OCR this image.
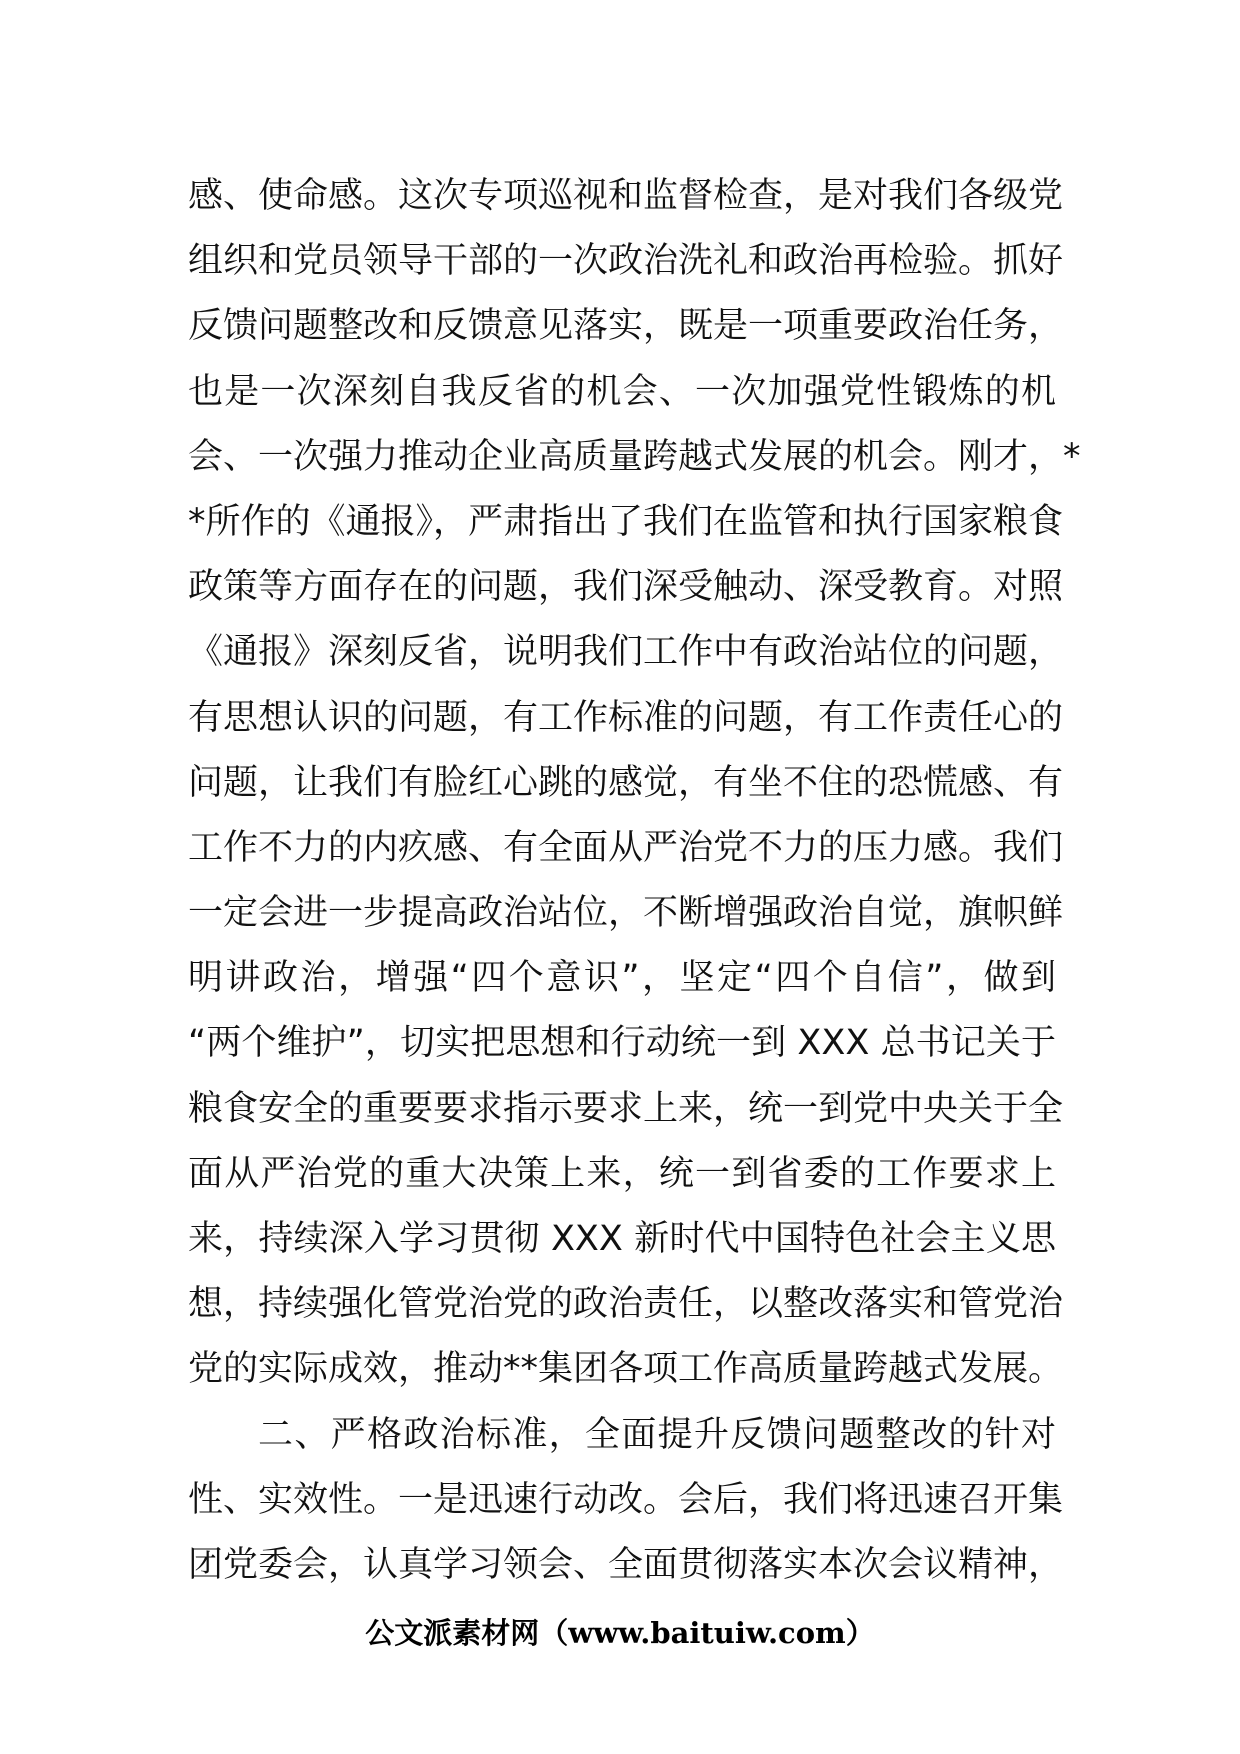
感、使命感。这次专项巡视和监督检查，是对我们各级党
组织和党员领导干部的一次政治洗礼和政治再检验。抓好
反馈问题整改和反馈意见落实，既是一项重要政治任务，
也是一次深刻自我反省的机会、一次加强党性锻炼的机
会、一次强力推动企业高质量跨越式发展的机会。刚才，*
*所作的《通报》，严肃指出了我们在监管和执行国家粮食
政策等方面存在的问题，我们深受触动、深受教育。对照
《通报》深刻反省，说明我们工作中有政治站位的问题，
有思想认识的问题，有工作标准的问题，有工作责任心的
问题，让我们有脸红心跳的感觉，有坐不住的恐慌感、有
工作不力的内疚感、有全面从严治党不力的压力感。我们
一定会进一步提高政治站位，不断增强政治自觉，旗帜鲜
明讲政治，增强“四个意识”，坚定“四个自信”，做到
“两个维护”，切实把思想和行动统一到 XXX 总书记关于
粮食安全的重要要求指示要求上来，统一到党中央关于全
面从严治党的重大决策上来，统一到省委的工作要求上
来，持续深入学习贯彻 XXX 新时代中国特色社会主义思
想，持续强化管党治党的政治责任，以整改落实和管党治
党的实际成效，推动**集团各项工作高质量跨越式发展。
二、严格政治标准，全面提升反馈问题整改的针对
性、实效性。一是迅速行动改。会后，我们将迅速召开集
团党委会，认真学习领会、全面贯彻落实本次会议精神，
公文派素材网（www.baituiw.com）
